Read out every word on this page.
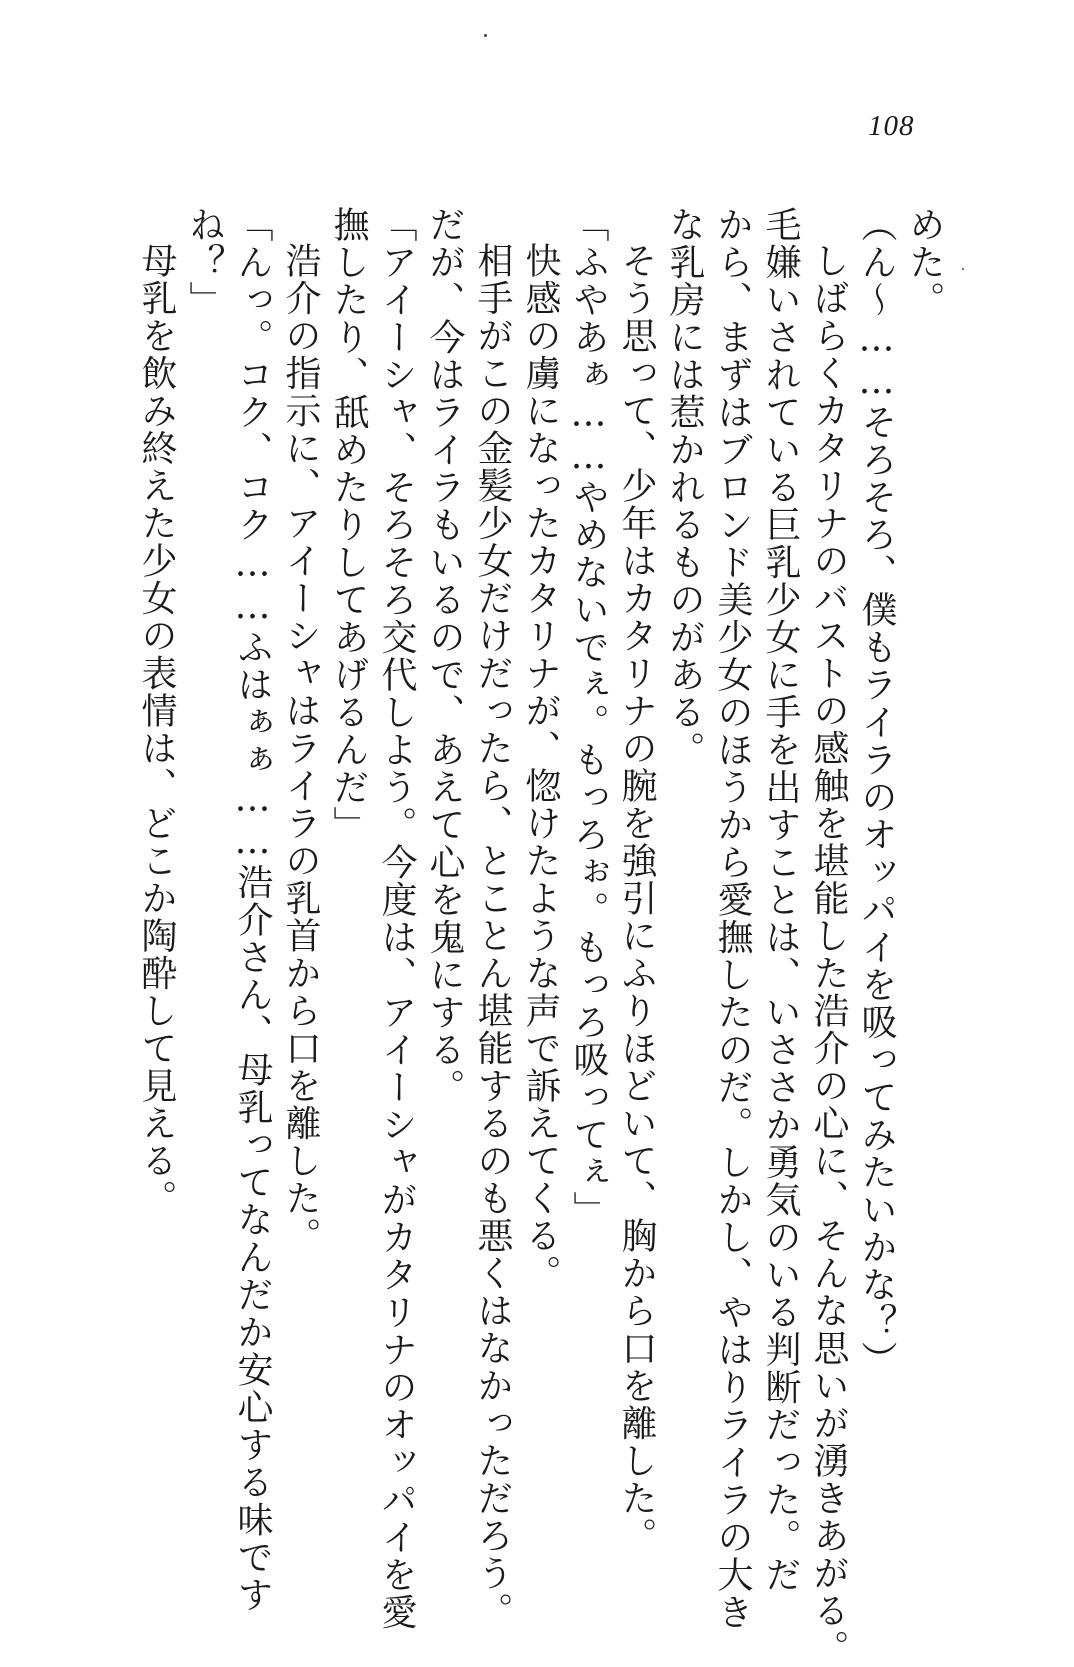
108
めた。
（ん〜……そろそろ、僕もライラのオッパイを吸ってみたいかな？）
しばらくカタリナのバストの感触を堪能した浩介の心に、そんな思いが湧きあがる。
毛嫌いされている巨乳少女に手を出すことは、いささか勇気のいる判断だった。だ
から、まずはブロンド美少女のほうから愛撫したのだ。しかし、やはりライラの大き
な乳房には惹かれるものがある。
そう思って、少年はカタリナの腕を強引にふりほどいて、胸から口を離した。
「ふやあぁ……やめないでぇ。もっろぉ。もっろ吸ってぇ」
快感の虜になったカタリナが、惚けたような声で訴えてくる。
相手がこの金髪少女だけだったら、とことん堪能するのも悪くはなかっただろう。
だが、今はライラもいるので、あえて心を鬼にする。
「アイーシャ、そろそろ交代しよう。今度は、アイーシャがカタリナのオッパイを愛
撫したり、舐めたりしてあげるんだ」
浩介の指示に、アイーシャはライラの乳首から口を離した。
「んっ。コク、コク……ふはぁぁ……浩介さん、母乳ってなんだか安心する味です
ね？」
母乳を飲み終えた少女の表情は、どこか陶酔して見える。
